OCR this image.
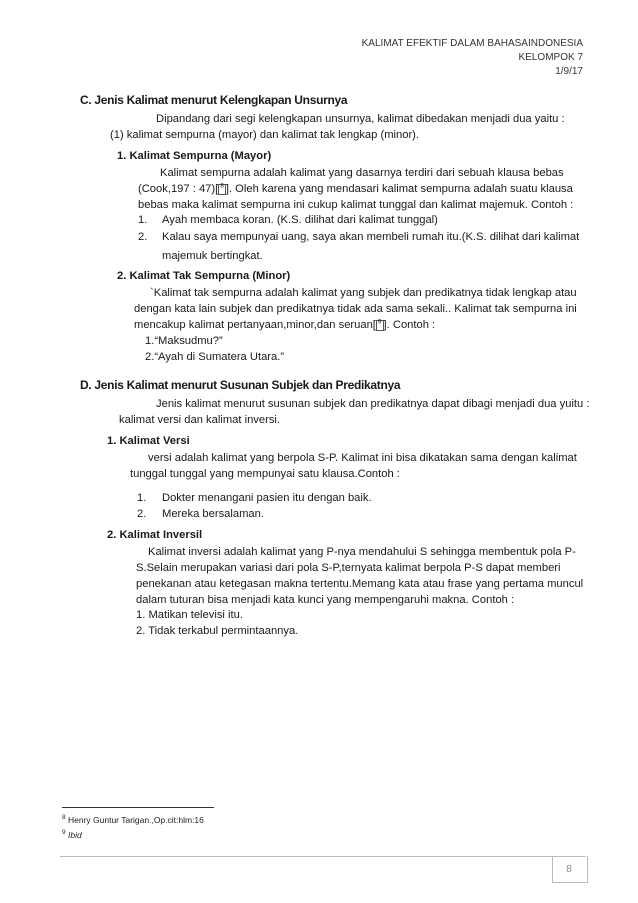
KALIMAT EFEKTIF DALAM BAHASAINDONESIA
KELOMPOK 7
1/9/17
C. Jenis Kalimat menurut Kelengkapan Unsurnya
Dipandang dari segi kelengkapan unsurnya, kalimat dibedakan menjadi dua yaitu :
(1) kalimat sempurna (mayor) dan kalimat tak lengkap (minor).
1. Kalimat Sempurna (Mayor)
Kalimat sempurna adalah kalimat yang dasarnya terdiri dari sebuah klausa bebas
(Cook,197 : 47)[ $^8$ ]. Oleh karena yang mendasari kalimat sempurna adalah suatu klausa
bebas maka kalimat sempurna ini cukup kalimat tunggal dan kalimat majemuk. Contoh :
1. Ayah membaca koran. (K.S. dilihat dari kalimat tunggal)
2. Kalau saya mempunyai uang, saya akan membeli rumah itu.(K.S. dilihat dari kalimat
majemuk bertingkat.
2. Kalimat Tak Sempurna (Minor)
`Kalimat tak sempurna adalah kalimat yang subjek dan predikatnya tidak lengkap atau
dengan kata lain subjek dan predikatnya tidak ada sama sekali.. Kalimat tak sempurna ini
mencakup kalimat pertanyaan,minor,dan seruan[ $^9$ ]. Contoh :
1.“Maksudmu?”
2.“Ayah di Sumatera Utara.”
D. Jenis Kalimat menurut Susunan Subjek dan Predikatnya
Jenis kalimat menurut susunan subjek dan predikatnya dapat dibagi menjadi dua yuitu :
kalimat versi dan kalimat inversi.
1. Kalimat Versi
versi adalah kalimat yang berpola S-P. Kalimat ini bisa dikatakan sama dengan kalimat
tunggal tunggal yang mempunyai satu klausa.Contoh :
1. Dokter menangani pasien itu dengan baik.
2. Mereka bersalaman.
2. Kalimat Inversil
Kalimat inversi adalah kalimat yang P-nya mendahului S sehingga membentuk pola P-
S.Selain merupakan variasi dari pola S-P,ternyata kalimat berpola P-S dapat memberi
penekanan atau ketegasan makna tertentu.Memang kata atau frase yang pertama muncul
dalam tuturan bisa menjadi kata kunci yang mempengaruhi makna. Contoh :
1. Matikan televisi itu.
2. Tidak terkabul permintaannya.
$^8$ Henry Guntur Tarigan.,Op.cit:hlm:16
$^9$ Ibid
8
